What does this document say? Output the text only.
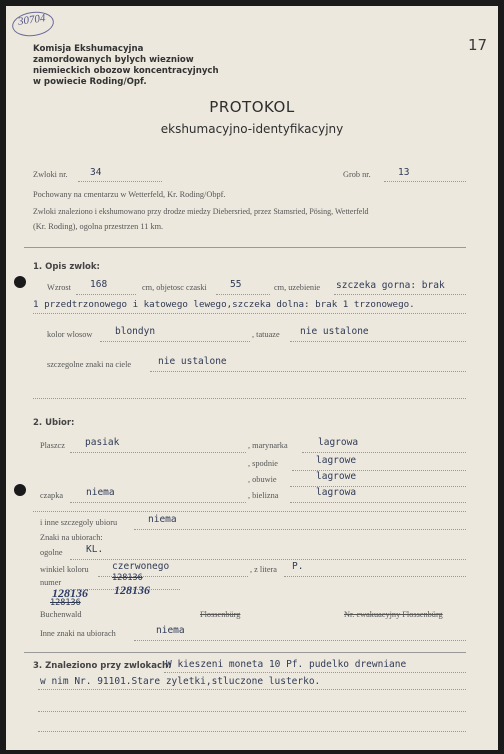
30704
17
Komisja Ekshumacyjna
zamordowanych bylych wiezniow
niemieckich obozow koncentracyjnych
w powiecie Roding/Opf.
PROTOKOL
ekshumacyjno-identyfikacyjny
Zwloki nr. 34	Grob nr.	13
Pochowany na cmentarzu w Wetterfeld, Kr. Roding/Obpf.
Zwloki znaleziono i ekshumowano przy drodze miedzy Diebersried, przez Stamsried, Pösing, Wetterfeld
(Kr. Roding), ogolna przestrzen 11 km.
1. Opis zwlok:
Wzrost 168	cm, objetosc czaski 55	cm, uzebienie szczeka gorna: brak
1 przedtrzonowego i katowego lewego,szczeka dolna: brak 1 trzonowego.
kolor wlosow blondyn	, tatuaze nie ustalone
szczegolne znaki na ciele	nie ustalone
2. Ubior:
Plaszcz pasiak	, marynarka	lagrowa
, spodnie	lagrowe
, obuwie	lagrowe
czapka niema	, bielizna	lagrowa
i inne szczegoly ubioru	niema
Znaki na ubiorach:
ogolne KL.
winkiel koloru czerwonego	, z litera P.
numer	128136
128136 128136
128136
Buchenwald	Flossenbürg	Nr. ewakuacyjny Flossenbürg
Inne znaki na ubiorach	niema
3. Znaleziono przy zwlokach:
W kieszeni moneta 10 Pf. pudelko drewniane
w nim Nr. 91101.Stare zyletki,stluczone lusterko.
